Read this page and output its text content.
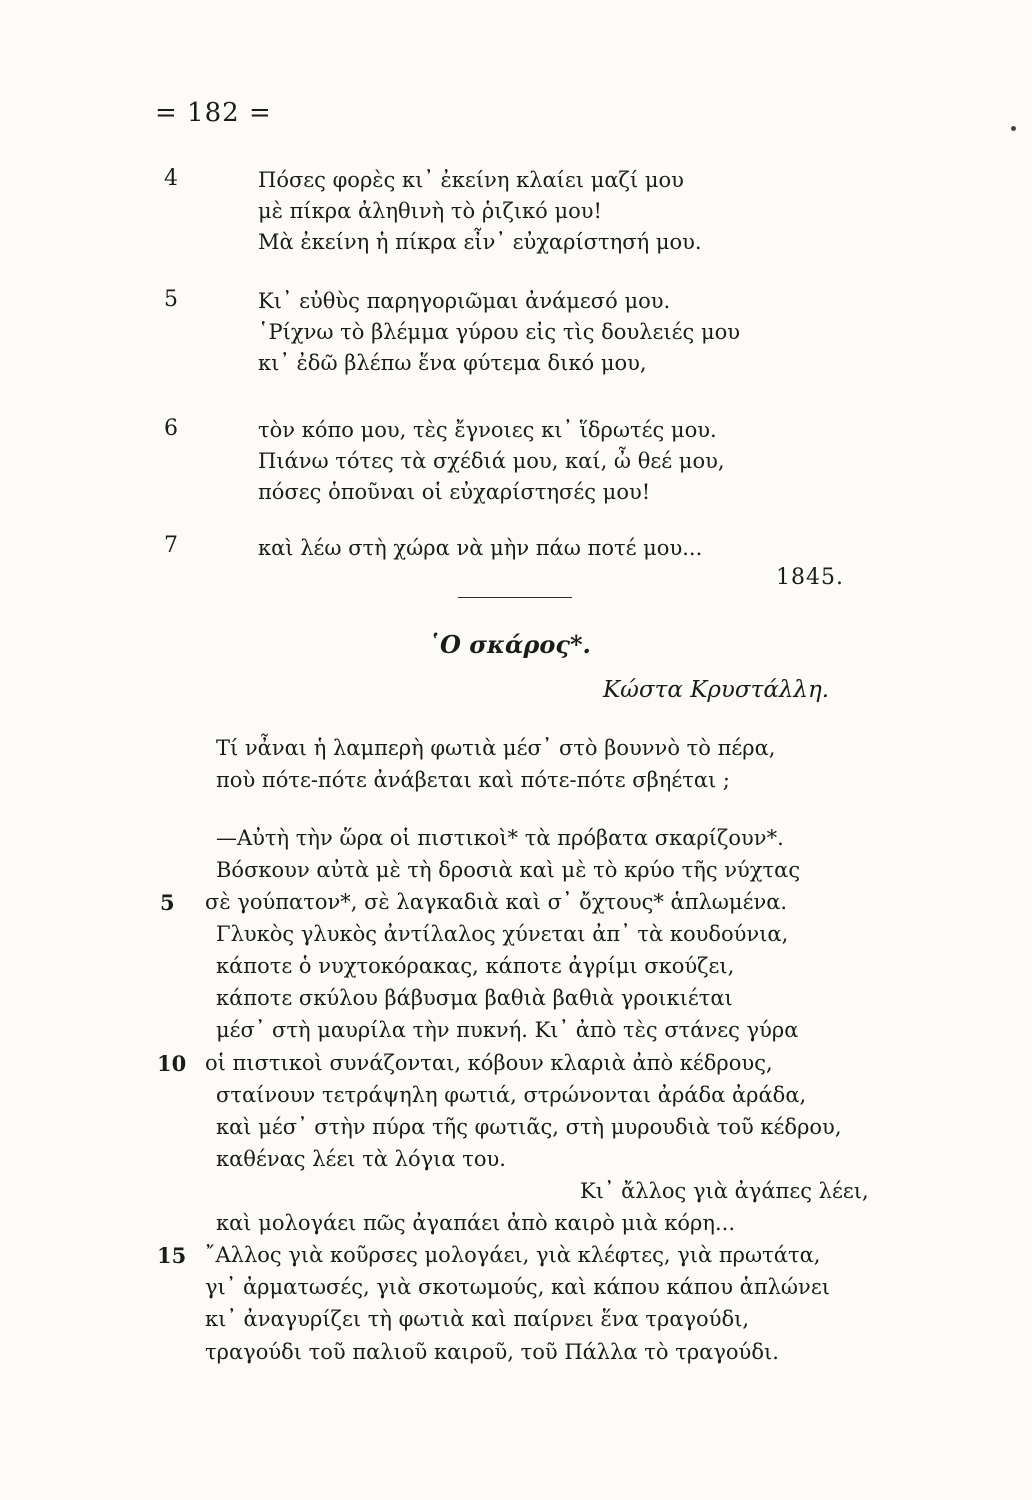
= 182 =
4	Πόσες φορὲς κι᾽ ἐκείνη κλαίει μαζί μου
μὲ πίκρα ἀληθινὴ τὸ ῥιζικό μου!
Μὰ ἐκείνη ἡ πίκρα εἶν᾽ εὐχαρίστησή μου.
5	Κι᾽ εὐθὺς παρηγοριῶμαι ἀνάμεσό μου.
῾Ρίχνω τὸ βλέμμα γύρου εἰς τὶς δουλειές μου
κι᾽ ἐδῶ βλέπω ἕνα φύτεμα δικό μου,
6	τὸν κόπο μου, τὲς ἔγνοιες κι᾽ ἵδρωτές μου.
Πιάνω τότες τὰ σχέδιά μου, καί, ὦ θεέ μου,
πόσες ὁποῦναι οἱ εὐχαρίστησές μου!
7	καὶ λέω στὴ χώρα νὰ μὴν πάω ποτέ μου...
1845.
῾Ο σκάρος*.
Κώστα Κρυστάλλη.
Τί νἆναι ἡ λαμπερὴ φωτιὰ μέσ᾽ στὸ βουννὸ τὸ πέρα,
ποὺ πότε-πότε ἀνάβεται καὶ πότε-πότε σβηέται ;
—Αὐτὴ τὴν ὥρα οἱ πιστικοὶ* τὰ πρόβατα σκαρίζουν*.
Βόσκουν αὐτὰ μὲ τὴ δροσιὰ καὶ μὲ τὸ κρύο τῆς νύχτας
5 σὲ γούπατον*, σὲ λαγκαδιὰ καὶ σ᾽ ὄχτους* ἁπλωμένα.
Γλυκὸς γλυκὸς ἀντίλαλος χύνεται ἀπ᾽ τὰ κουδούνια,
κάποτε ὁ νυχτοκόρακας, κάποτε ἀγρίμι σκούζει,
κάποτε σκύλου βάβυσμα βαθιὰ βαθιὰ γροικιέται
μέσ᾽ στὴ μαυρίλα τὴν πυκνή. Κι᾽ ἀπὸ τὲς στάνες γύρα
10 οἱ πιστικοὶ συνάζονται, κόβουν κλαριὰ ἀπὸ κέδρους,
σταίνουν τετράψηλη φωτιά, στρώνονται ἀράδα ἀράδα,
καὶ μέσ᾽ στὴν πύρα τῆς φωτιᾶς, στὴ μυρουδιὰ τοῦ κέδρου,
καθένας λέει τὰ λόγια του.
Κι᾽ ἄλλος γιὰ ἀγάπες λέει,
καὶ μολογάει πῶς ἀγαπάει ἀπὸ καιρὸ μιὰ κόρη...
15 ῎Αλλος γιὰ κοῦρσες μολογάει, γιὰ κλέφτες, γιὰ πρωτάτα,
γι᾽ ἀρματωσές, γιὰ σκοτωμούς, καὶ κάπου κάπου ἁπλώνει
κι᾽ ἀναγυρίζει τὴ φωτιὰ καὶ παίρνει ἕνα τραγούδι,
τραγούδι τοῦ παλιοῦ καιροῦ, τοῦ Πάλλα τὸ τραγούδι.
